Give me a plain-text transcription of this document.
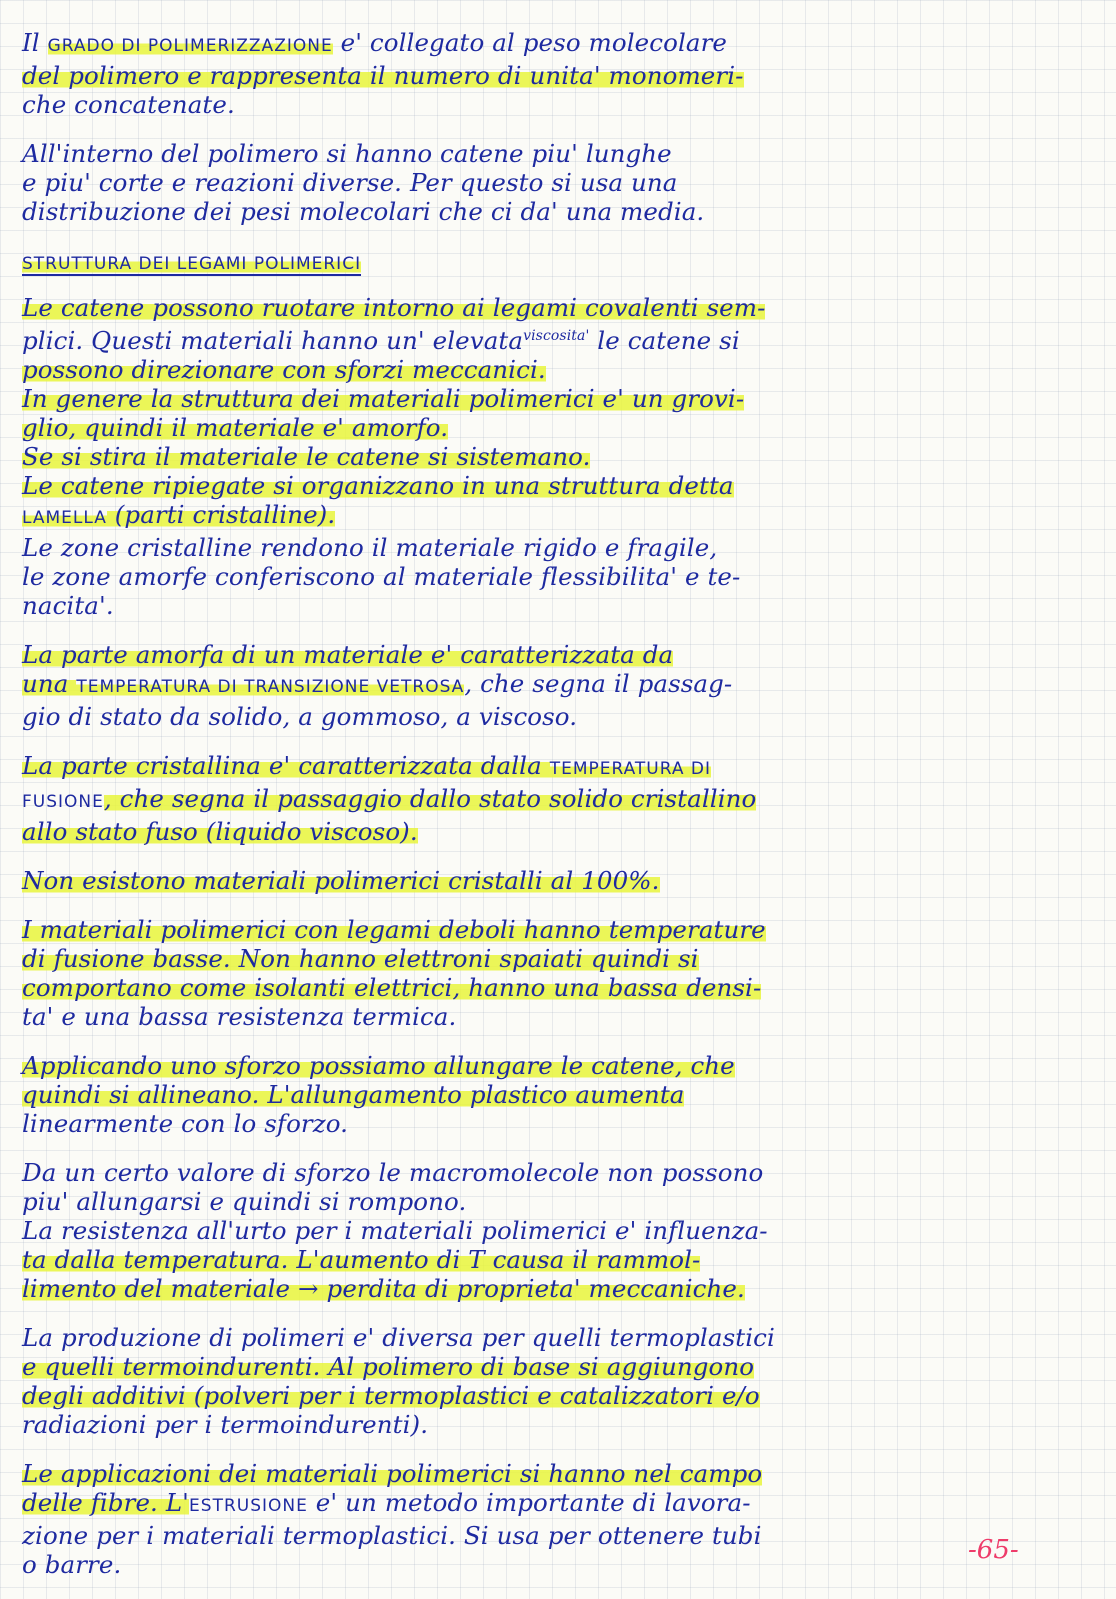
Il GRADO DI POLIMERIZZAZIONE e' collegato al peso molecolare
del polimero e rappresenta il numero di unita' monomeri-
che concatenate.
All'interno del polimero si hanno catene piu' lunghe
e piu' corte e reazioni diverse. Per questo si usa una
distribuzione dei pesi molecolari che ci da' una media.
STRUTTURA DEI LEGAMI POLIMERICI
Le catene possono ruotare intorno ai legami covalenti sem-
plici. Questi materiali hanno un' elevata$^{viscosita'}$ le catene si
possono direzionare con sforzi meccanici.
In genere la struttura dei materiali polimerici e' un grovi-
glio, quindi il materiale e' amorfo.
Se si stira il materiale le catene si sistemano.
Le catene ripiegate si organizzano in una struttura detta
LAMELLA (parti cristalline).
Le zone cristalline rendono il materiale rigido e fragile,
le zone amorfe conferiscono al materiale flessibilita' e te-
nacita'.
La parte amorfa di un materiale e' caratterizzata da
una TEMPERATURA DI TRANSIZIONE VETROSA, che segna il passag-
gio di stato da solido, a gommoso, a viscoso.
La parte cristallina e' caratterizzata dalla TEMPERATURA DI
FUSIONE, che segna il passaggio dallo stato solido cristallino
allo stato fuso (liquido viscoso).
Non esistono materiali polimerici cristalli al 100%.
I materiali polimerici con legami deboli hanno temperature
di fusione basse. Non hanno elettroni spaiati quindi si
comportano come isolanti elettrici, hanno una bassa densi-
ta' e una bassa resistenza termica.
Applicando uno sforzo possiamo allungare le catene, che
quindi si allineano. L'allungamento plastico aumenta
linearmente con lo sforzo.
Da un certo valore di sforzo le macromolecole non possono
piu' allungarsi e quindi si rompono.
La resistenza all'urto per i materiali polimerici e' influenza-
ta dalla temperatura. L'aumento di T causa il rammol-
limento del materiale → perdita di proprieta' meccaniche.
La produzione di polimeri e' diversa per quelli termoplastici
e quelli termoindurenti. Al polimero di base si aggiungono
degli additivi (polveri per i termoplastici e catalizzatori e/o
radiazioni per i termoindurenti).
Le applicazioni dei materiali polimerici si hanno nel campo
delle fibre. L'ESTRUSIONE e' un metodo importante di lavora-
zione per i materiali termoplastici. Si usa per ottenere tubi
o barre.	-65-
